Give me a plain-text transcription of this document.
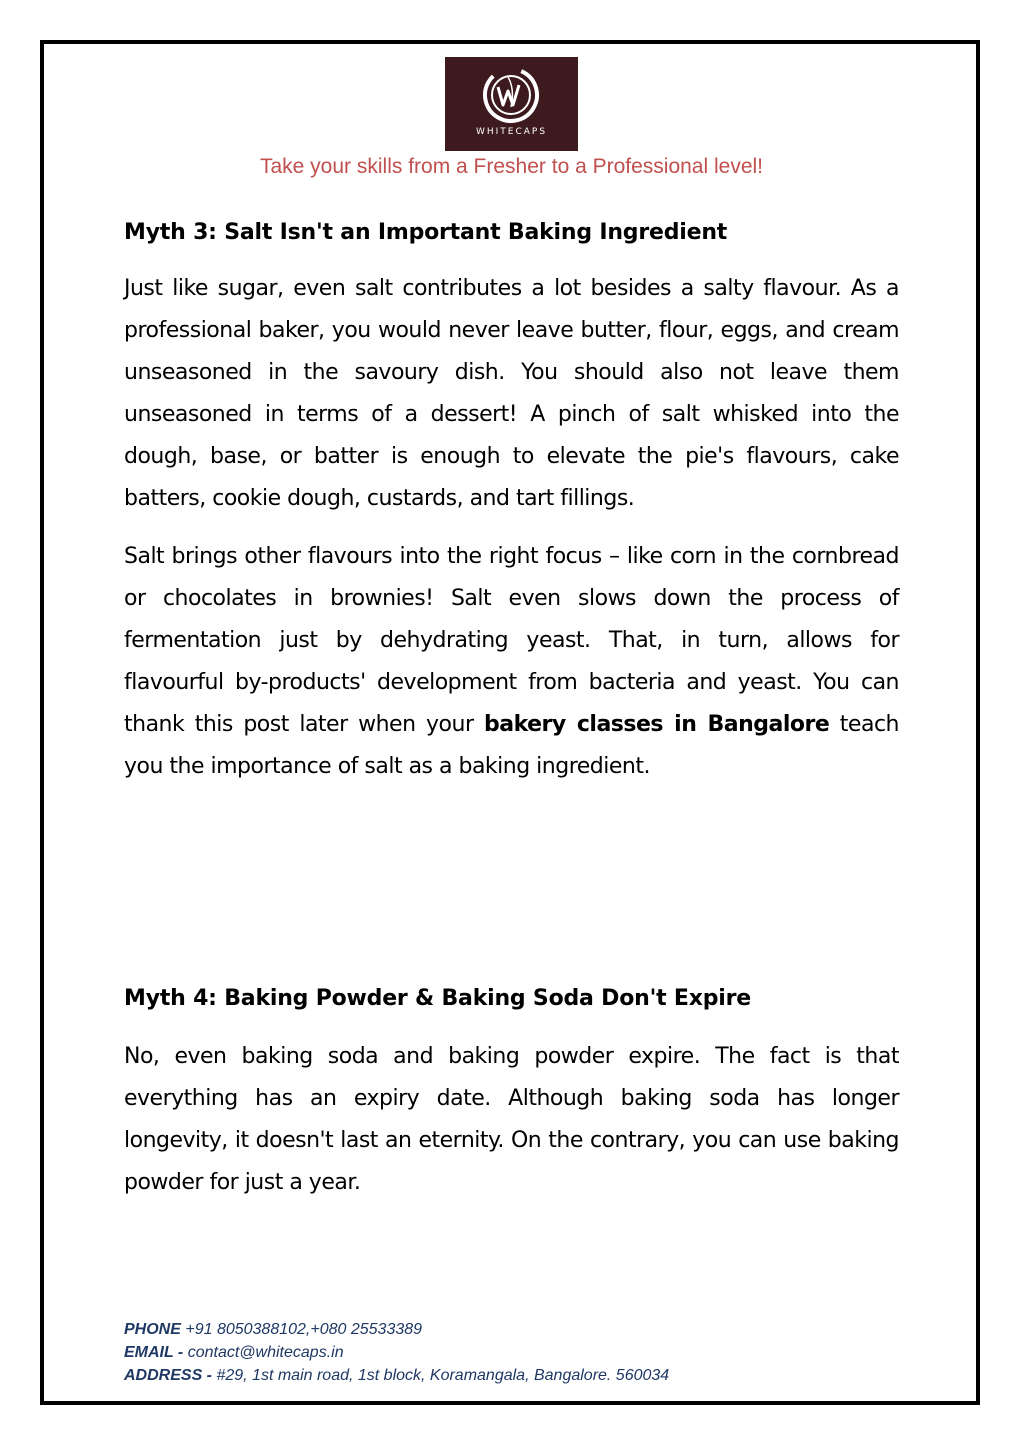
WHITECAPS
Take your skills from a Fresher to a Professional level!
Myth 3: Salt Isn't an Important Baking Ingredient

Just like sugar, even salt contributes a lot besides a salty flavour. As a professional baker, you would never leave butter, flour, eggs, and cream unseasoned in the savoury dish. You should also not leave them unseasoned in terms of a dessert! A pinch of salt whisked into the dough, base, or batter is enough to elevate the pie's flavours, cake batters, cookie dough, custards, and tart fillings.

Salt brings other flavours into the right focus – like corn in the cornbread or chocolates in brownies! Salt even slows down the process of fermentation just by dehydrating yeast. That, in turn, allows for flavourful by-products' development from bacteria and yeast. You can thank this post later when your bakery classes in Bangalore teach you the importance of salt as a baking ingredient.

Myth 4: Baking Powder & Baking Soda Don't Expire

No, even baking soda and baking powder expire. The fact is that everything has an expiry date. Although baking soda has longer longevity, it doesn't last an eternity. On the contrary, you can use baking powder for just a year.

PHONE +91 8050388102,+080 25533389
EMAIL - contact@whitecaps.in
ADDRESS - #29, 1st main road, 1st block, Koramangala, Bangalore. 560034
